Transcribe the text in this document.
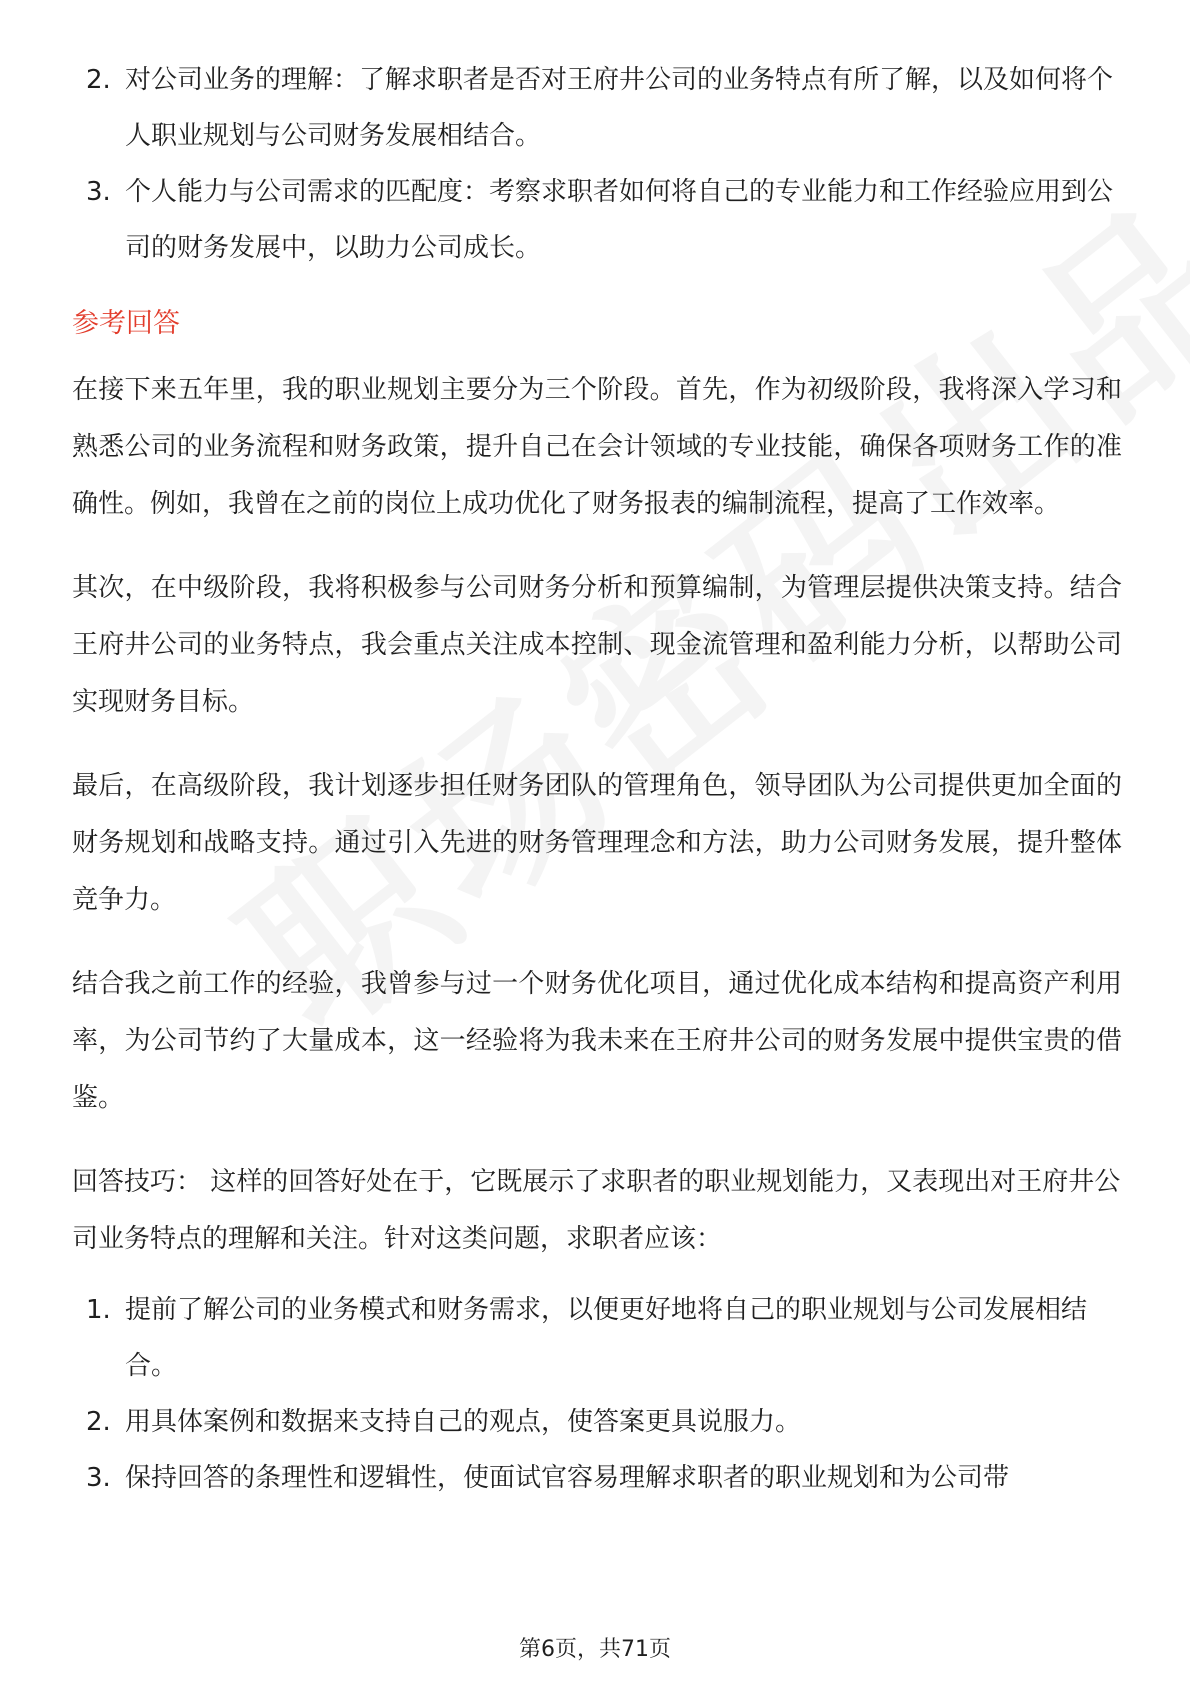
2. 对公司业务的理解：了解求职者是否对王府井公司的业务特点有所了解，以及如何将个人职业规划与公司财务发展相结合。
3. 个人能力与公司需求的匹配度：考察求职者如何将自己的专业能力和工作经验应用到公司的财务发展中，以助力公司成长。
参考回答

在接下来五年里，我的职业规划主要分为三个阶段。首先，作为初级阶段，我将深入学习和熟悉公司的业务流程和财务政策，提升自己在会计领域的专业技能，确保各项财务工作的准确性。例如，我曾在之前的岗位上成功优化了财务报表的编制流程，提高了工作效率。

其次，在中级阶段，我将积极参与公司财务分析和预算编制，为管理层提供决策支持。结合王府井公司的业务特点，我会重点关注成本控制、现金流管理和盈利能力分析，以帮助公司实现财务目标。

最后，在高级阶段，我计划逐步担任财务团队的管理角色，领导团队为公司提供更加全面的财务规划和战略支持。通过引入先进的财务管理理念和方法，助力公司财务发展，提升整体竞争力。

结合我之前工作的经验，我曾参与过一个财务优化项目，通过优化成本结构和提高资产利用率，为公司节约了大量成本，这一经验将为我未来在王府井公司的财务发展中提供宝贵的借鉴。

回答技巧： 这样的回答好处在于，它既展示了求职者的职业规划能力，又表现出对王府井公司业务特点的理解和关注。针对这类问题，求职者应该：

1. 提前了解公司的业务模式和财务需求，以便更好地将自己的职业规划与公司发展相结合。
2. 用具体案例和数据来支持自己的观点，使答案更具说服力。
3. 保持回答的条理性和逻辑性，使面试官容易理解求职者的职业规划和为公司带
第6页，共71页
